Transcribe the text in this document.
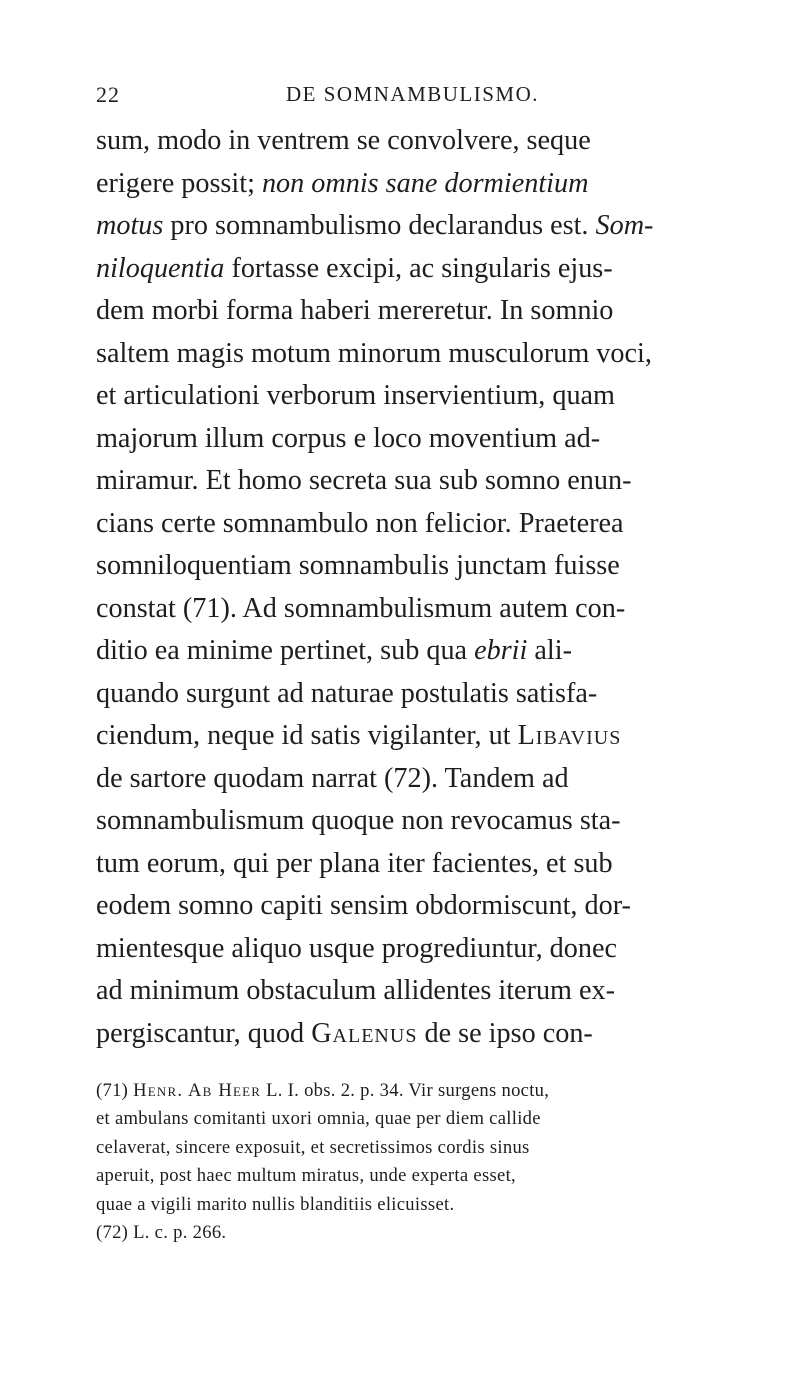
22	DE SOMNAMBULISMO.
sum, modo in ventrem se convolvere, seque
erigere possit; non omnis sane dormientium
motus pro somnambulismo declarandus est. Som-
niloquentia fortasse excipi, ac singularis ejus-
dem morbi forma haberi mereretur. In somnio
saltem magis motum minorum musculorum voci,
et articulationi verborum inservientium, quam
majorum illum corpus e loco moventium ad-
miramur. Et homo secreta sua sub somno enun-
cians certe somnambulo non felicior. Praeterea
somniloquentiam somnambulis junctam fuisse
constat (71). Ad somnambulismum autem con-
ditio ea minime pertinet, sub qua ebrii ali-
quando surgunt ad naturae postulatis satisfa-
ciendum, neque id satis vigilanter, ut Libavius
de sartore quodam narrat (72). Tandem ad
somnambulismum quoque non revocamus sta-
tum eorum, qui per plana iter facientes, et sub
eodem somno capiti sensim obdormiscunt, dor-
mientesque aliquo usque progrediuntur, donec
ad minimum obstaculum allidentes iterum ex-
pergiscantur, quod Galenus de se ipso con-
(71) Henr. Ab Heer L. I. obs. 2. p. 34. Vir surgens noctu,
et ambulans comitanti uxori omnia, quae per diem callide
celaverat, sincere exposuit, et secretissimos cordis sinus
aperuit, post haec multum miratus, unde experta esset,
quae a vigili marito nullis blanditiis elicuisset.
(72) L. c. p. 266.
